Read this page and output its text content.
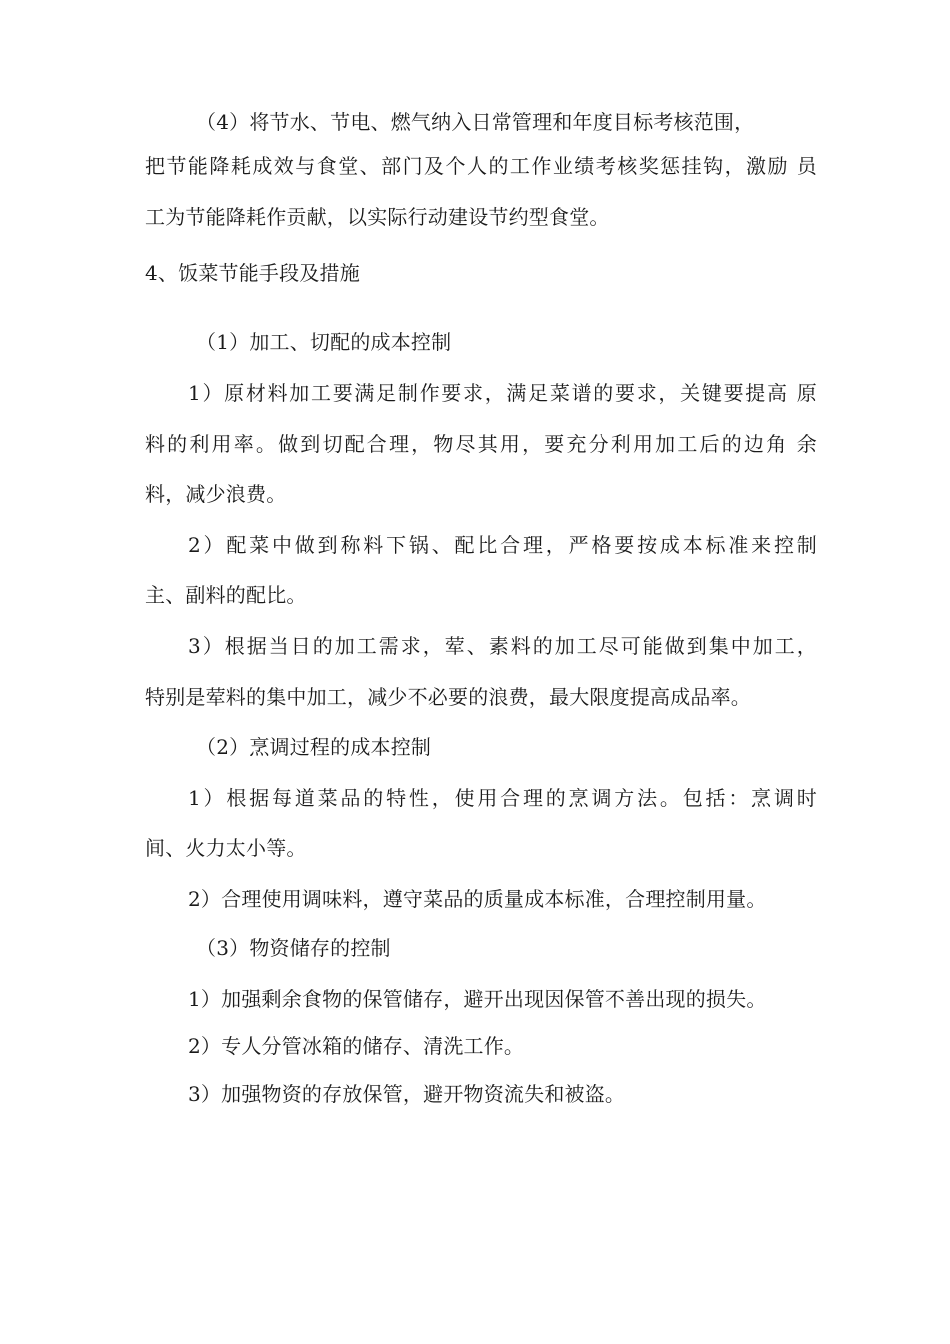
（4）将节水、节电、燃气纳入日常管理和年度目标考核范围，
把节能降耗成效与食堂、部门及个人的工作业绩考核奖惩挂钩，激励 员
工为节能降耗作贡献，以实际行动建设节约型食堂。
4、饭菜节能手段及措施
（1）加工、切配的成本控制
1）原材料加工要满足制作要求，满足菜谱的要求，关键要提高 原
料的利用率。做到切配合理，物尽其用，要充分利用加工后的边角 余
料，减少浪费。
2）配菜中做到称料下锅、配比合理，严格要按成本标准来控制
主、副料的配比。
3）根据当日的加工需求，荤、素料的加工尽可能做到集中加工，
特别是荤料的集中加工，减少不必要的浪费，最大限度提高成品率。
（2）烹调过程的成本控制
1）根据每道菜品的特性，使用合理的烹调方法。包括：烹调时
间、火力太小等。
2）合理使用调味料，遵守菜品的质量成本标准，合理控制用量。
（3）物资储存的控制
1）加强剩余食物的保管储存，避开出现因保管不善出现的损失。
2）专人分管冰箱的储存、清洗工作。
3）加强物资的存放保管，避开物资流失和被盗。
